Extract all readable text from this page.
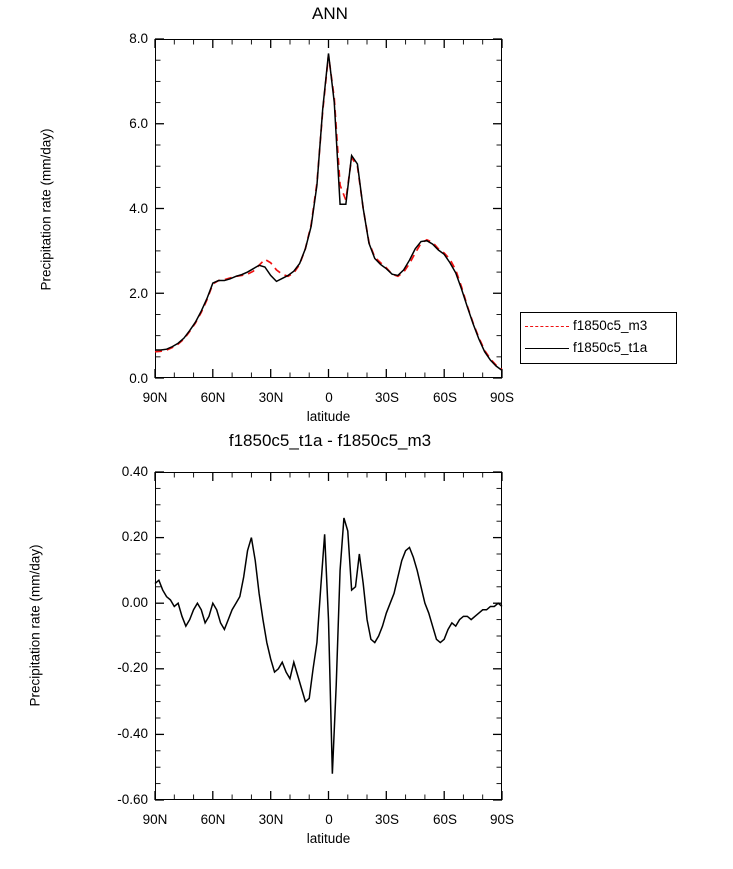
ANN
8.0
6.0
4.0
2.0
0.0
90N	60N	30N	0	30S	60S	90S
latitude
Precipitation rate (mm/day)
f1850c5_m3
f1850c5_t1a
f1850c5_t1a - f1850c5_m3
0.40
0.20
0.00
-0.20
-0.40
-0.60
90N	60N	30N	0	30S	60S	90S
latitude
Precipitation rate (mm/day)
